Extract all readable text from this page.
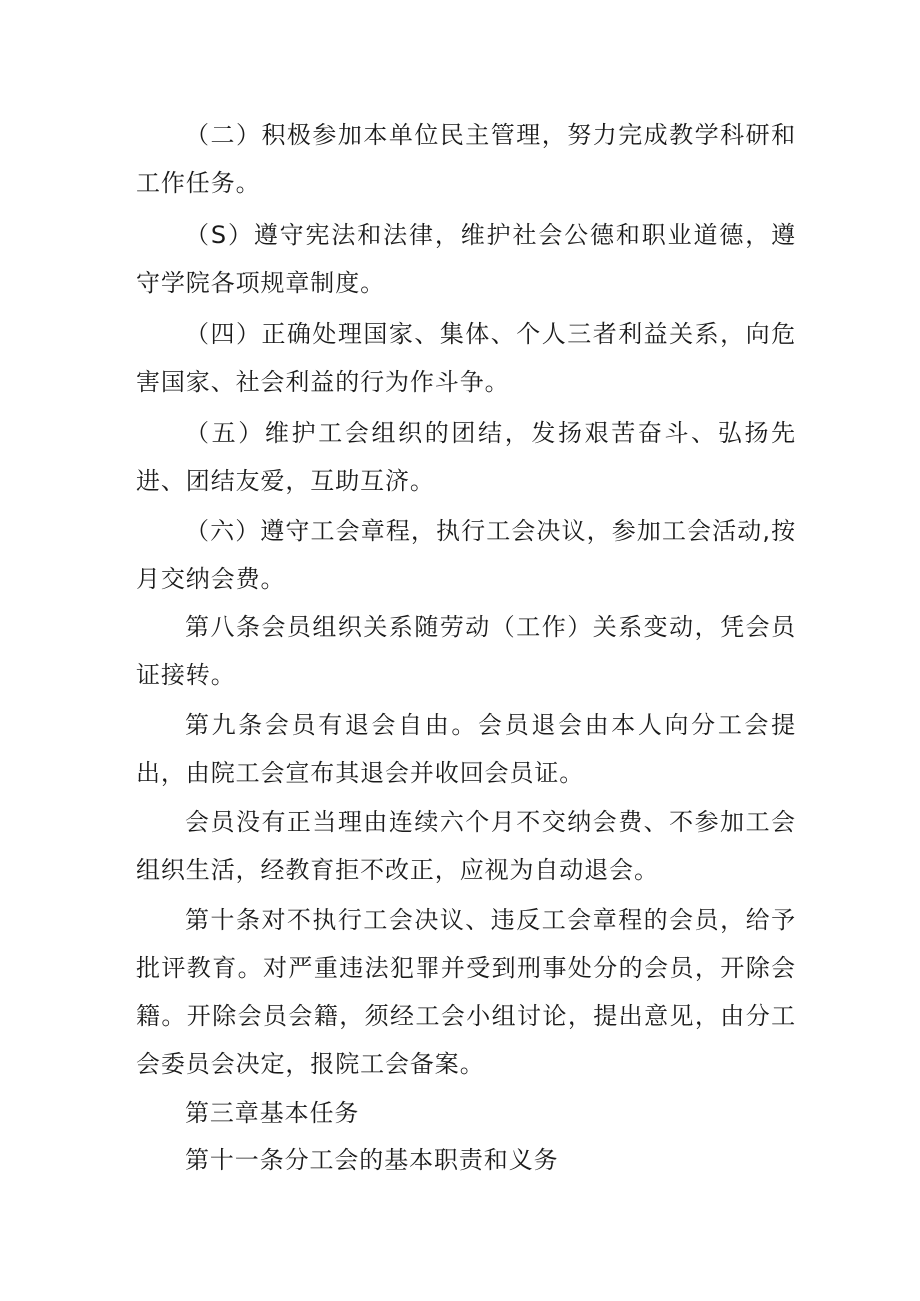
（二）积极参加本单位民主管理，努力完成教学科研和工作任务。

（S）遵守宪法和法律，维护社会公德和职业道德，遵守学院各项规章制度。

（四）正确处理国家、集体、个人三者利益关系，向危害国家、社会利益的行为作斗争。

（五）维护工会组织的团结，发扬艰苦奋斗、弘扬先进、团结友爱，互助互济。

（六）遵守工会章程，执行工会决议，参加工会活动,按月交纳会费。

第八条会员组织关系随劳动（工作）关系变动，凭会员证接转。

第九条会员有退会自由。会员退会由本人向分工会提出，由院工会宣布其退会并收回会员证。

会员没有正当理由连续六个月不交纳会费、不参加工会组织生活，经教育拒不改正，应视为自动退会。

第十条对不执行工会决议、违反工会章程的会员，给予批评教育。对严重违法犯罪并受到刑事处分的会员，开除会籍。开除会员会籍，须经工会小组讨论，提出意见，由分工会委员会决定，报院工会备案。

第三章基本任务

第十一条分工会的基本职责和义务
